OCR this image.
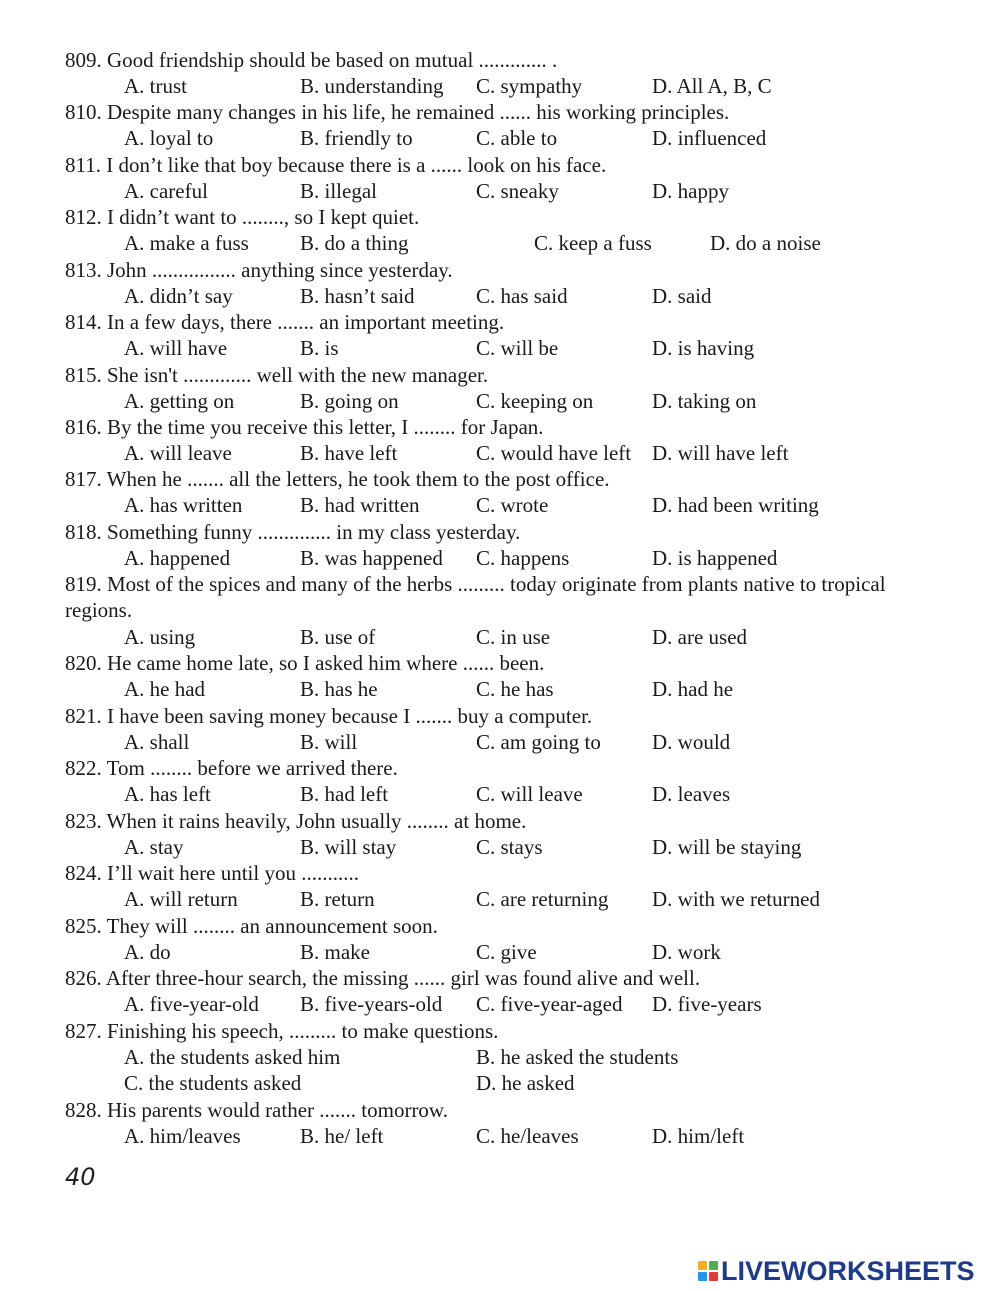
809. Good friendship should be based on mutual ............. .
A. trust	B. understanding C. sympathy	D. All A, B, C
810. Despite many changes in his life, he remained ...... his working principles.
A. loyal to	B. friendly to	C. able to	D. influenced
811. I don’t like that boy because there is a ...... look on his face.
A. careful	B. illegal	C. sneaky	D. happy
812. I didn’t want to ........, so I kept quiet.
A. make a fuss B. do a thing	C. keep a fuss	D. do a noise
813. John ................ anything since yesterday.
A. didn’t say	B. hasn’t said	C. has said	D. said
814. In a few days, there ....... an important meeting.
A. will have	B. is	C. will be	D. is having
815. She isn't ............. well with the new manager.
A. getting on	B. going on	C. keeping on	D. taking on
816. By the time you receive this letter, I ........ for Japan.
A. will leave	B. have left	C. would have left D. will have left
817. When he ....... all the letters, he took them to the post office.
A. has written	B. had written	C. wrote	D. had been writing
818. Something funny .............. in my class yesterday.
A. happened	B. was happened C. happens	D. is happened
819. Most of the spices and many of the herbs ......... today originate from plants native to tropical regions.
A. using	B. use of	C. in use	D. are used
820. He came home late, so I asked him where ...... been.
A. he had	B. has he	C. he has	D. had he
821. I have been saving money because I ....... buy a computer.
A. shall	B. will	C. am going to D. would
822. Tom ........ before we arrived there.
A. has left	B. had left	C. will leave	D. leaves
823. When it rains heavily, John usually ........ at home.
A. stay	B. will stay	C. stays	D. will be staying
824. I’ll wait here until you ...........
A. will return	B. return	C. are returning D. with we returned
825. They will ........ an announcement soon.
A. do	B. make	C. give	D. work
826. After three-hour search, the missing ...... girl was found alive and well.
A. five-year-old B. five-years-old C. five-year-aged D. five-years
827. Finishing his speech, ......... to make questions.
A. the students asked him	B. he asked the students
C. the students asked	D. he asked
828. His parents would rather ....... tomorrow.
A. him/leaves	B. he/ left	C. he/leaves	D. him/left
40
LIVEWORKSHEETS
